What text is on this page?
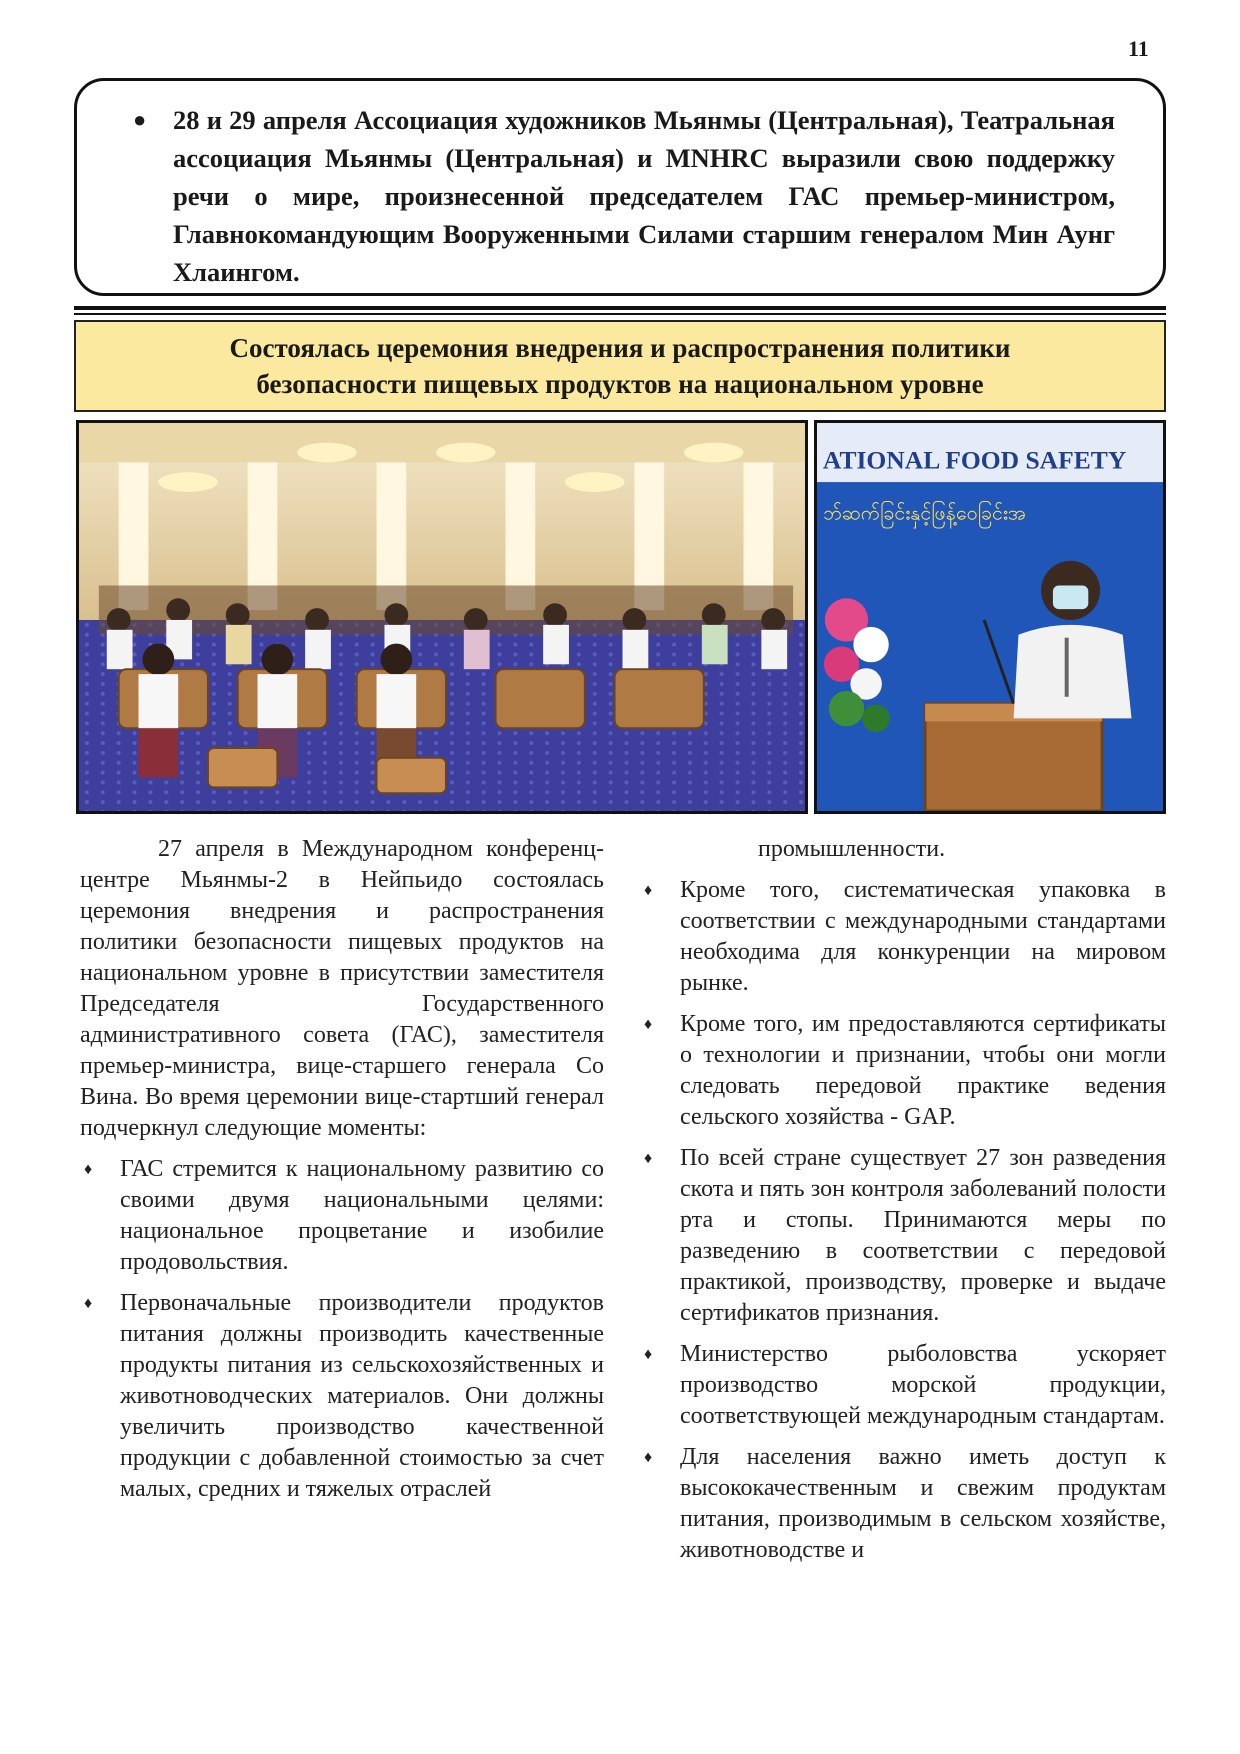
11
● 28 и 29 апреля Ассоциация художников Мьянмы (Центральная), Театральная ассоциация Мьянмы (Центральная) и MNHRC выразили свою поддержку речи о мире, произнесенной председателем ГАС премьер-министром, Главнокомандующим Вооруженными Силами старшим генералом Мин Аунг Хлаингом.
Состоялась церемония внедрения и распространения политики
безопасности пищевых продуктов на национальном уровне
ATIONAL FOOD SAFETY
ဘ်ဆက်ခြင်းနှင့်ဖြန့်ဝေခြင်းအ

27 апреля в Международном конференц-центре Мьянмы-2 в Нейпьидо состоялась церемония внедрения и распространения политики безопасности пищевых продуктов на национальном уровне в присутствии заместителя Председателя Государственного административного совета (ГАС), заместителя премьер-министра, вице-старшего генерала Со Вина. Во время церемонии вице-стартший генерал подчеркнул следующие моменты:

♦ ГАС стремится к национальному развитию со своими двумя национальными целями: национальное процветание и изобилие продовольствия.
♦ Первоначальные производители продуктов питания должны производить качественные продукты питания из сельскохозяйственных и животноводческих материалов. Они должны увеличить производство качественной продукции с добавленной стоимостью за счет малых, средних и тяжелых отраслей

промышленности.

♦ Кроме того, систематическая упаковка в соответствии с международными стандартами необходима для конкуренции на мировом рынке.
♦ Кроме того, им предоставляются сертификаты о технологии и признании, чтобы они могли следовать передовой практике ведения сельского хозяйства - GAP.
♦ По всей стране существует 27 зон разведения скота и пять зон контроля заболеваний полости рта и стопы. Принимаются меры по разведению в соответствии с передовой практикой, производству, проверке и выдаче сертификатов признания.
♦ Министерство рыболовства ускоряет производство морской продукции, соответствующей международным стандартам.
♦ Для населения важно иметь доступ к высококачественным и свежим продуктам питания, производимым в сельском хозяйстве, животноводстве и
